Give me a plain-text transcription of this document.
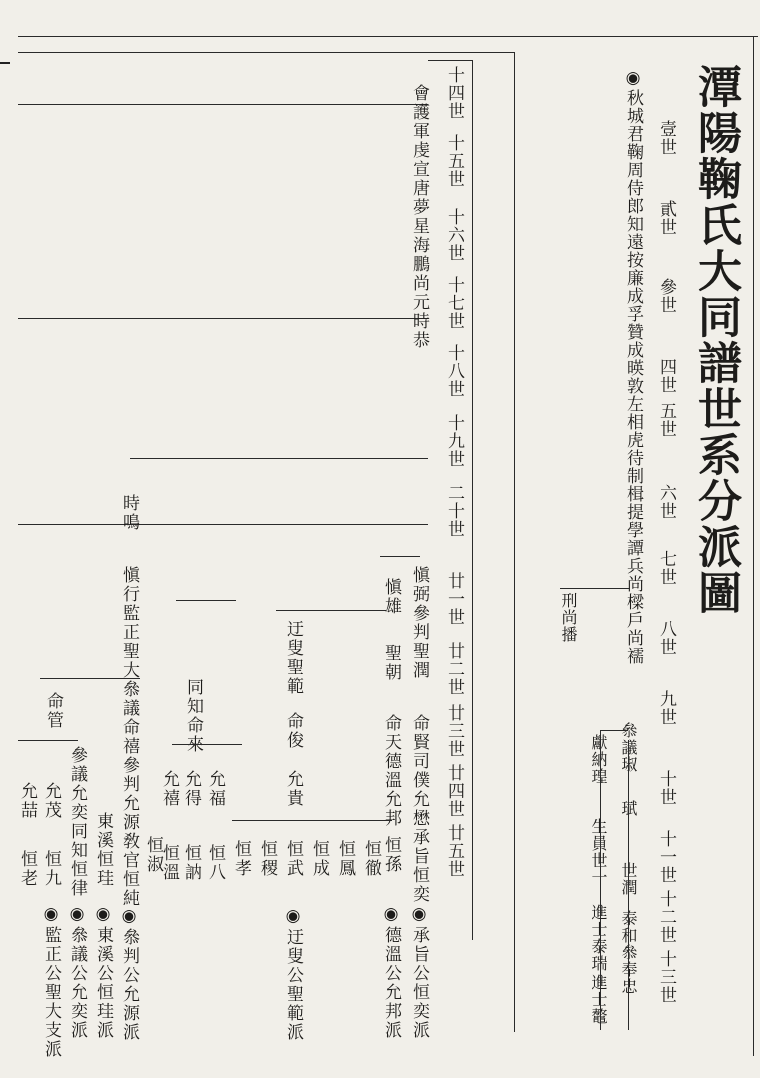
潭陽鞠氏大同譜世系分派圖
壹世
貳世
參世
四世
五世
六世
七世
八世
九世
十世
十一世
十二世
十三世
◉秋城君鞠周侍郎知遠按廉成孚贊成暎敦左相虎待制楫提學譚兵尚樑戶尚襦
叅議琡
珷
世潤
泰和叅奉忠
獻納瑝
生員世一
進士泰瑞
進士鼇
刑尚播
十四世
十五世
十六世
十七世
十八世
十九世
二十世
廿一世
廿二世
廿三世
廿四世
廿五世
會護軍虔宣唐夢星海鵬尚元時恭
愼弼參判聖潤
命賢司僕允懋承旨恒奕
◉承旨公恒奕派
愼雄
聖朝
命天德溫允邦
恒孫
◉德溫公允邦派
迂叟聖範
命俊
允貴
恒武
恒稷
恒孝	恒成 恒鳳 恒徹
◉迂叟公聖範派
時鳴
愼行監正聖大叅議命禧參判允源敎官恒純
◉叅判公允源派
同知命來
允福
恒八
允得
恒訥
允禧
恒溫
恒淑
東溪恒珪
◉東溪公恒珪派
命管
參議允奕同知恒律
◉叅議公允奕派
允茂
恒九
◉監正公聖大支派
允喆
恒老
